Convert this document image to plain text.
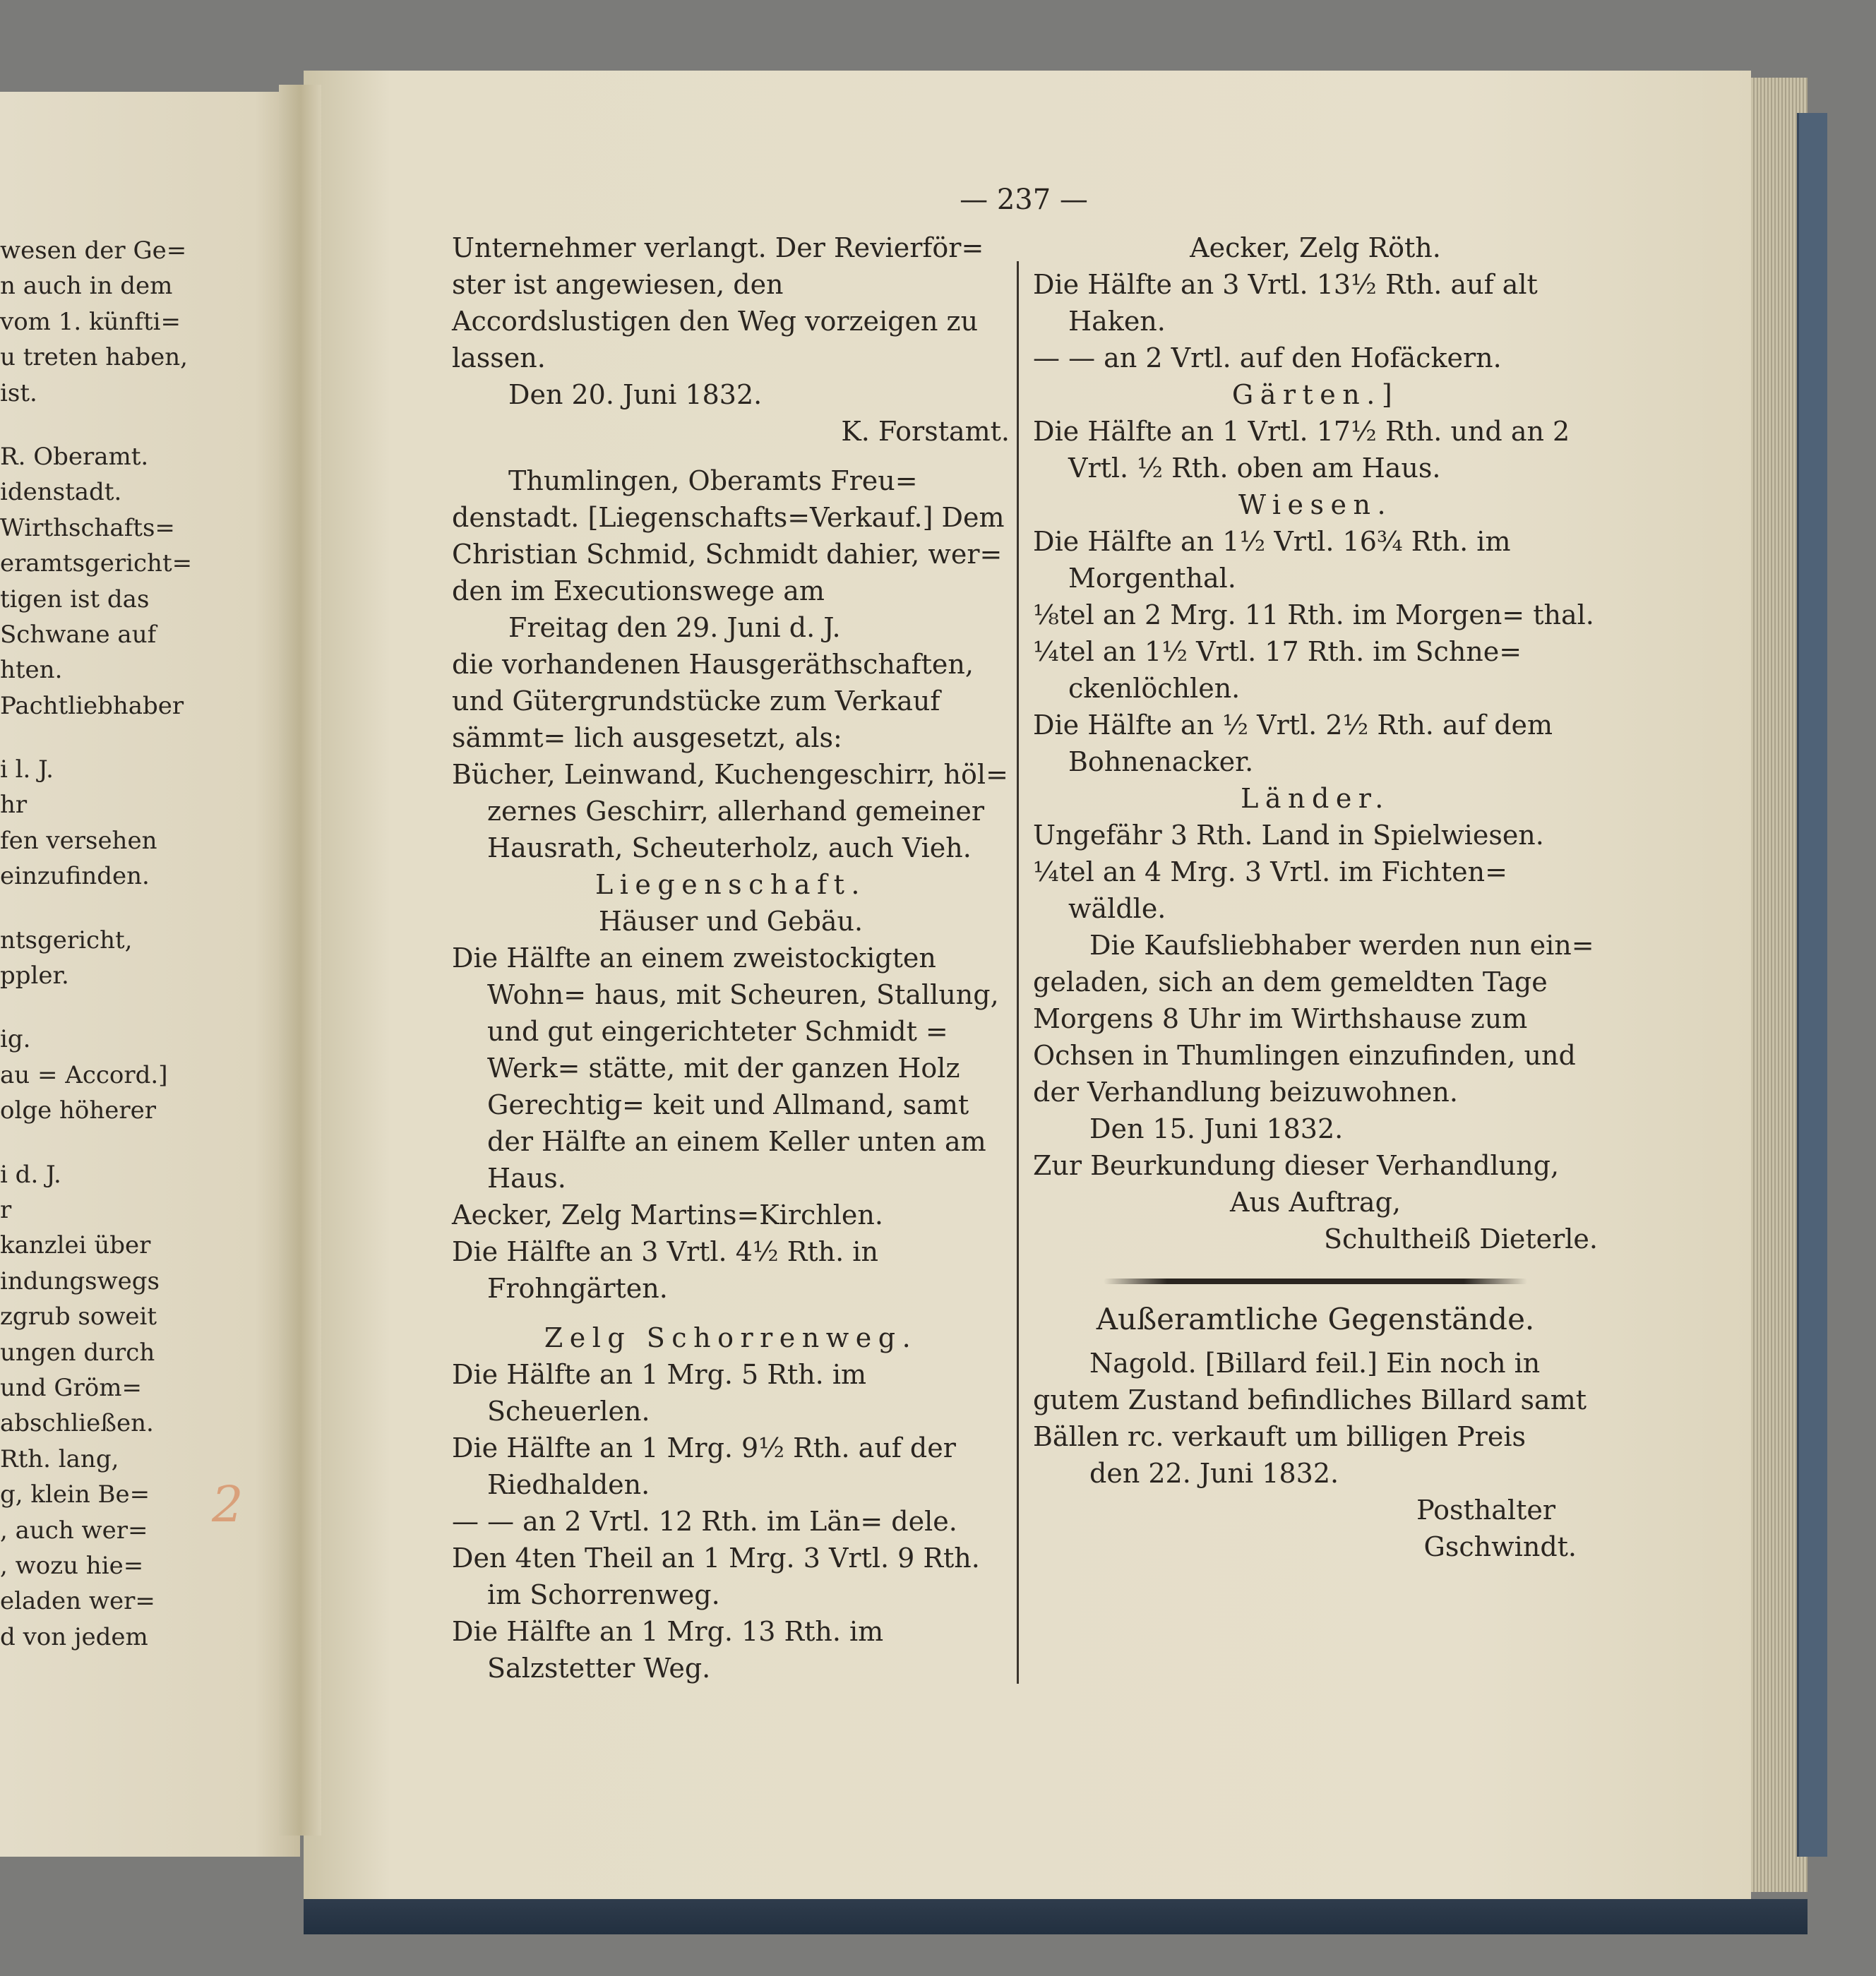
wesen der Ge=
n auch in dem
vom 1. künfti=
u treten haben,
ist.
R. Oberamt.
idenstadt.
Wirthschafts=
eramtsgericht=
tigen ist das
Schwane auf
hten.
Pachtliebhaber
i l. J.
hr
fen versehen
einzufinden.
ntsgericht,
ppler.
ig.
au = Accord.]
olge höherer
i d. J.
r
kanzlei über
indungswegs
zgrub soweit
ungen durch
und Gröm=
abschließen.
Rth. lang,
g, klein Be=
, auch wer=
, wozu hie=
eladen wer=
d von jedem
2
— 237 —

Unternehmer verlangt. Der Revierför= ster ist angewiesen, den Accordslustigen den Weg vorzeigen zu lassen.

Den 20. Juni 1832.

K. Forstamt.

Thumlingen, Oberamts Freu= denstadt. [Liegenschafts=Verkauf.] Dem Christian Schmid, Schmidt dahier, wer= den im Executionswege am

Freitag den 29. Juni d. J.

die vorhandenen Hausgeräthschaften, und Gütergrundstücke zum Verkauf sämmt= lich ausgesetzt, als:

Bücher, Leinwand, Kuchengeschirr, höl= zernes Geschirr, allerhand gemeiner Hausrath, Scheuterholz, auch Vieh.

Liegenschaft.

Häuser und Gebäu.

Die Hälfte an einem zweistockigten Wohn= haus, mit Scheuren, Stallung, und gut eingerichteter Schmidt = Werk= stätte, mit der ganzen Holz Gerechtig= keit und Allmand, samt der Hälfte an einem Keller unten am Haus.

Aecker, Zelg Martins=Kirchlen.

Die Hälfte an 3 Vrtl. 4½ Rth. in Frohngärten.

Zelg Schorrenweg.

Die Hälfte an 1 Mrg. 5 Rth. im Scheuerlen.

Die Hälfte an 1 Mrg. 9½ Rth. auf der Riedhalden.

— — an 2 Vrtl. 12 Rth. im Län= dele.

Den 4ten Theil an 1 Mrg. 3 Vrtl. 9 Rth. im Schorrenweg.

Die Hälfte an 1 Mrg. 13 Rth. im Salzstetter Weg.

Aecker, Zelg Röth.

Die Hälfte an 3 Vrtl. 13½ Rth. auf alt Haken.

— — an 2 Vrtl. auf den Hofäckern.

Gärten.]

Die Hälfte an 1 Vrtl. 17½ Rth. und an 2 Vrtl. ½ Rth. oben am Haus.

Wiesen.

Die Hälfte an 1½ Vrtl. 16¾ Rth. im Morgenthal.

⅛tel an 2 Mrg. 11 Rth. im Morgen= thal.

¼tel an 1½ Vrtl. 17 Rth. im Schne= ckenlöchlen.

Die Hälfte an ½ Vrtl. 2½ Rth. auf dem Bohnenacker.

Länder.

Ungefähr 3 Rth. Land in Spielwiesen.

¼tel an 4 Mrg. 3 Vrtl. im Fichten= wäldle.

Die Kaufsliebhaber werden nun ein= geladen, sich an dem gemeldten Tage Morgens 8 Uhr im Wirthshause zum Ochsen in Thumlingen einzufinden, und der Verhandlung beizuwohnen.

Den 15. Juni 1832.

Zur Beurkundung dieser Verhandlung,

Aus Auftrag,

Schultheiß Dieterle.

Außeramtliche Gegenstände.

Nagold. [Billard feil.] Ein noch in gutem Zustand befindliches Billard samt Bällen rc. verkauft um billigen Preis

den 22. Juni 1832.

Posthalter

Gschwindt.
